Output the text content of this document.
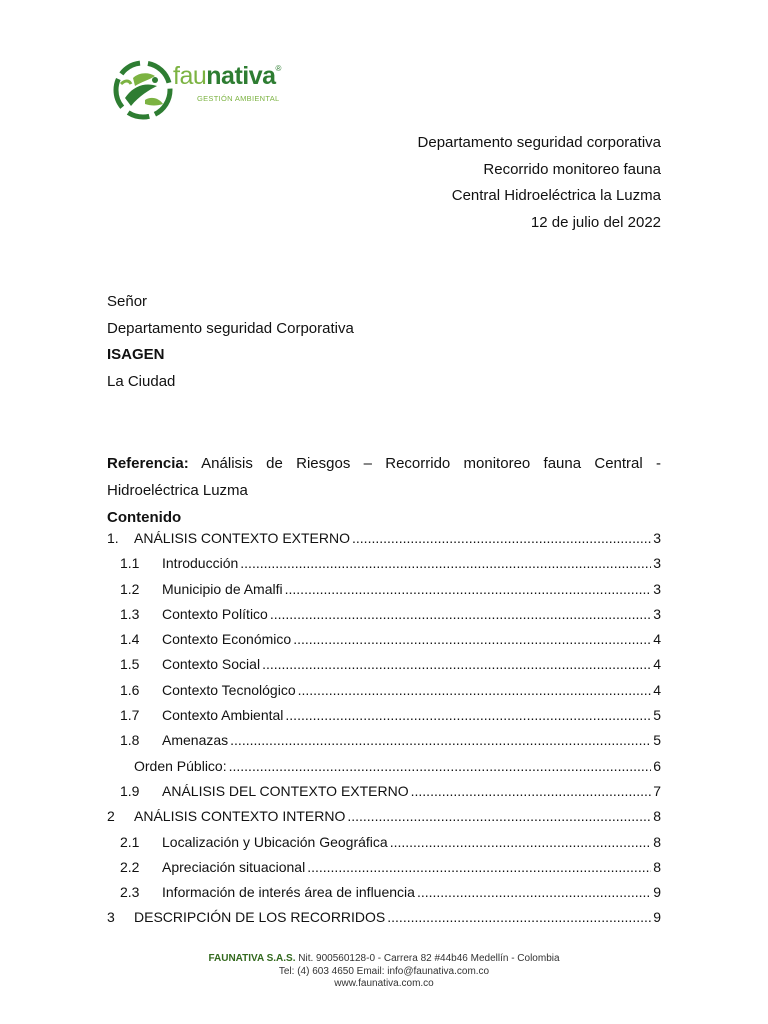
faunativa®
GESTIÓN AMBIENTAL
Departamento seguridad corporativa
Recorrido monitoreo fauna
Central Hidroeléctrica la Luzma
12 de julio del 2022
Señor
Departamento seguridad Corporativa
ISAGEN
La Ciudad
Referencia: Análisis de Riesgos – Recorrido monitoreo fauna Central - Hidroeléctrica Luzma
Contenido
1.	ANÁLISIS CONTEXTO EXTERNO .....	3
1.1	Introducción .....	3
1.2	Municipio de Amalfi .....	3
1.3	Contexto Político .....	3
1.4	Contexto Económico .....	4
1.5	Contexto Social .....	4
1.6	Contexto Tecnológico .....	4
1.7	Contexto Ambiental .....	5
1.8	Amenazas .....	5
Orden Público: .....	6
1.9	ANÁLISIS DEL CONTEXTO EXTERNO .....	7
2	ANÁLISIS CONTEXTO INTERNO .....	8
2.1	Localización y Ubicación Geográfica .....	8
2.2	Apreciación situacional .....	8
2.3	Información de interés área de influencia .....	9
3	DESCRIPCIÓN DE LOS RECORRIDOS .....	9
FAUNATIVA S.A.S. Nit. 900560128-0 - Carrera 82 #44b46 Medellín - Colombia
Tel: (4) 603 4650 Email: info@faunativa.com.co
www.faunativa.com.co
